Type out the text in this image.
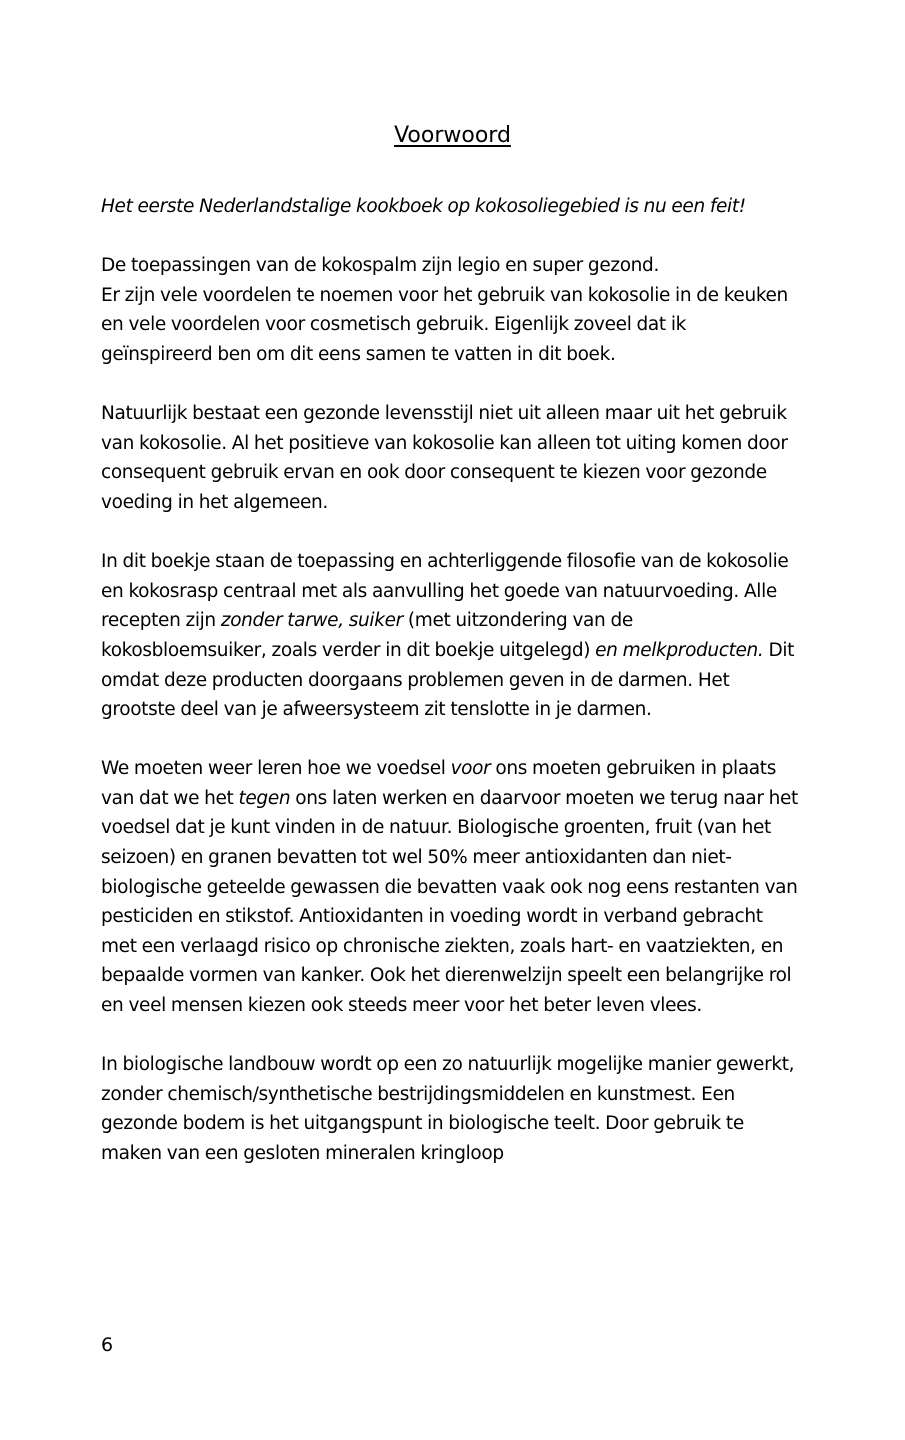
Voorwoord

Het eerste Nederlandstalige kookboek op kokosoliegebied is nu een feit!

De toepassingen van de kokospalm zijn legio en super gezond.
Er zijn vele voordelen te noemen voor het gebruik van kokosolie in de keuken en vele voordelen voor cosmetisch gebruik. Eigenlijk zoveel dat ik geïnspireerd ben om dit eens samen te vatten in dit boek.

Natuurlijk bestaat een gezonde levensstijl niet uit alleen maar uit het gebruik van kokosolie. Al het positieve van kokosolie kan alleen tot uiting komen door consequent gebruik ervan en ook door consequent te kiezen voor gezonde voeding in het algemeen.

In dit boekje staan de toepassing en achterliggende filosofie van de kokosolie en kokosrasp centraal met als aanvulling het goede van natuurvoeding. Alle recepten zijn zonder tarwe, suiker (met uitzondering van de kokosbloemsuiker, zoals verder in dit boekje uitgelegd) en melkproducten. Dit omdat deze producten doorgaans problemen geven in de darmen. Het grootste deel van je afweersysteem zit tenslotte in je darmen.

We moeten weer leren hoe we voedsel voor ons moeten gebruiken in plaats van dat we het tegen ons laten werken en daarvoor moeten we terug naar het voedsel dat je kunt vinden in de natuur. Biologische groenten, fruit (van het seizoen) en granen bevatten tot wel 50% meer antioxidanten dan niet-biologische geteelde gewassen die bevatten vaak ook nog eens restanten van pesticiden en stikstof. Antioxidanten in voeding wordt in verband gebracht met een verlaagd risico op chronische ziekten, zoals hart- en vaatziekten, en bepaalde vormen van kanker. Ook het dierenwelzijn speelt een belangrijke rol en veel mensen kiezen ook steeds meer voor het beter leven vlees.

In biologische landbouw wordt op een zo natuurlijk mogelijke manier gewerkt, zonder chemisch/synthetische bestrijdingsmiddelen en kunstmest. Een gezonde bodem is het uitgangspunt in biologische teelt. Door gebruik te maken van een gesloten mineralen kringloop

6
